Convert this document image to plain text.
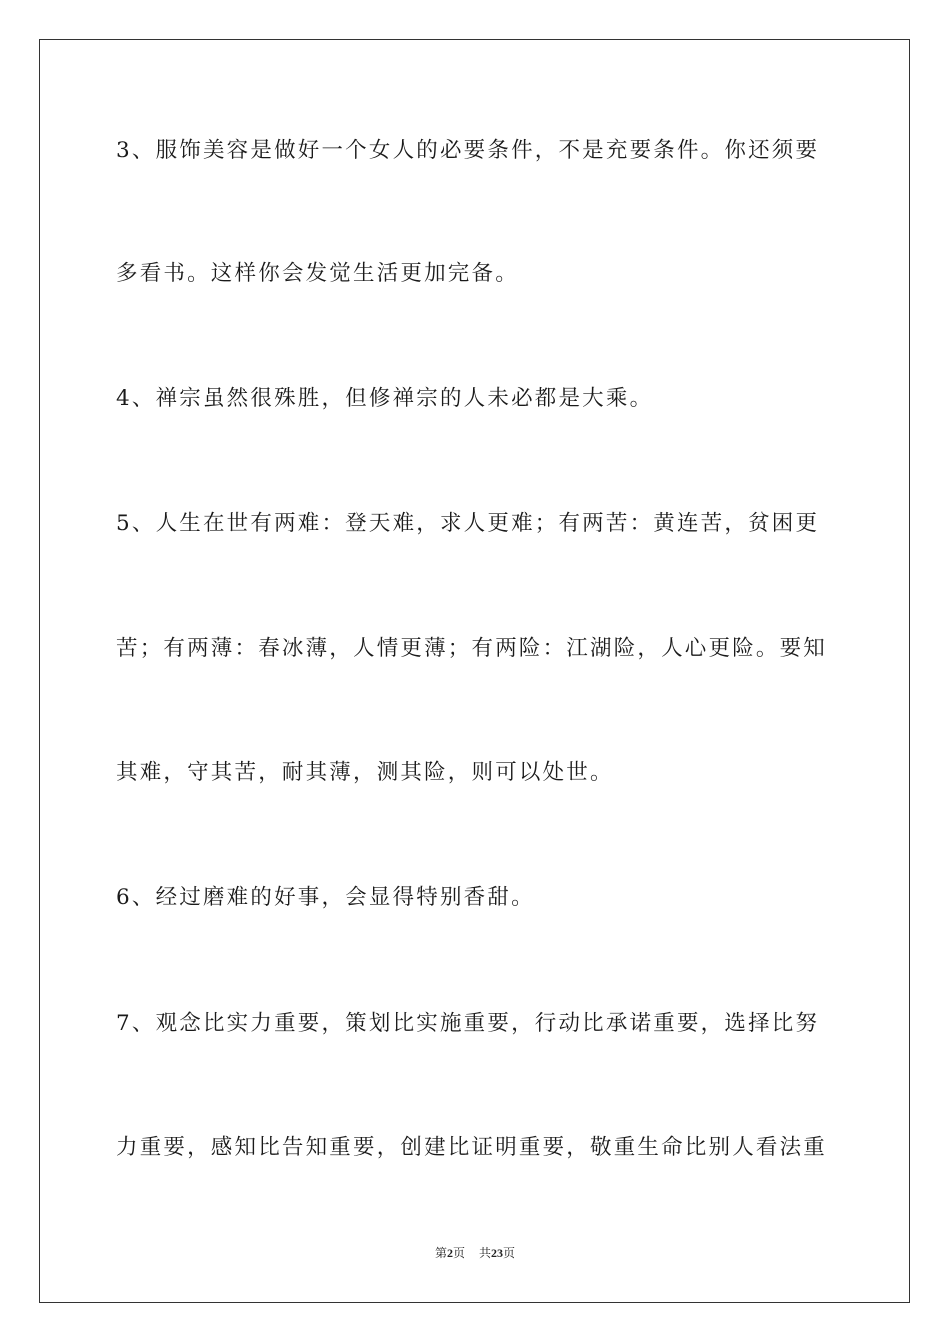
3、服饰美容是做好一个女人的必要条件，不是充要条件。你还须要
多看书。这样你会发觉生活更加完备。
4、禅宗虽然很殊胜，但修禅宗的人未必都是大乘。
5、人生在世有两难：登天难，求人更难；有两苦：黄连苦，贫困更
苦；有两薄：春冰薄，人情更薄；有两险：江湖险，人心更险。要知
其难，守其苦，耐其薄，测其险，则可以处世。
6、经过磨难的好事，会显得特别香甜。
7、观念比实力重要，策划比实施重要，行动比承诺重要，选择比努
力重要，感知比告知重要，创建比证明重要，敬重生命比别人看法重
第2页 共23页
